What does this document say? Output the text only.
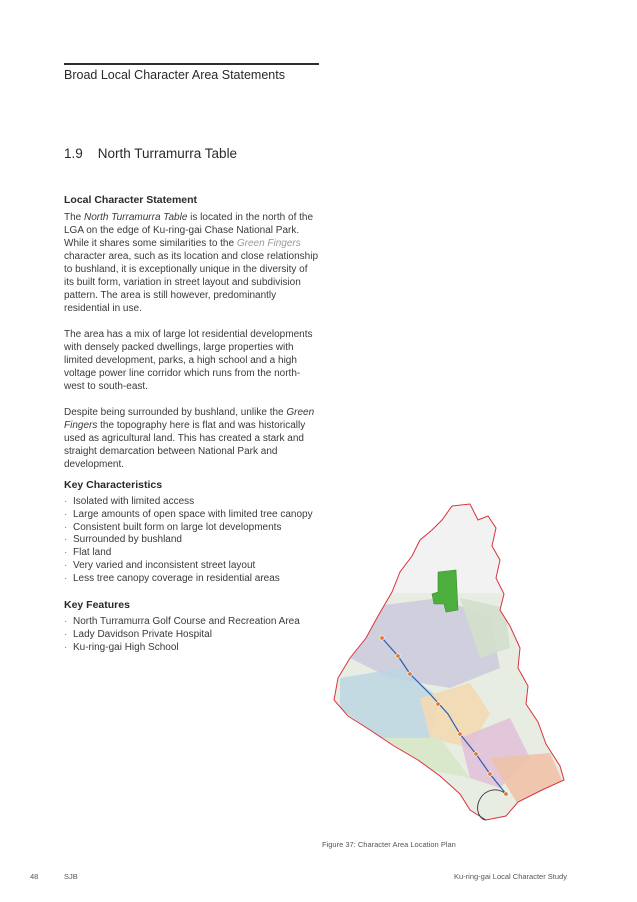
Broad Local Character Area Statements
1.9 North Turramurra Table
Local Character Statement

The North Turramurra Table is located in the north of the LGA on the edge of Ku-ring-gai Chase National Park. While it shares some similarities to the Green Fingers character area, such as its location and close relationship to bushland, it is exceptionally unique in the diversity of its built form, variation in street layout and subdivision pattern. The area is still however, predominantly residential in use.

The area has a mix of large lot residential developments with densely packed dwellings, large properties with limited development, parks, a high school and a high voltage power line corridor which runs from the north-west to south-east.

Despite being surrounded by bushland, unlike the Green Fingers the topography here is flat and was historically used as agricultural land. This has created a stark and straight demarcation between National Park and development.

Key Characteristics
· Isolated with limited access
· Large amounts of open space with limited tree canopy
· Consistent built form on large lot developments
· Surrounded by bushland
· Flat land
· Very varied and inconsistent street layout
· Less tree canopy coverage in residential areas
Key Features
· North Turramurra Golf Course and Recreation Area
· Lady Davidson Private Hospital
· Ku-ring-gai High School
Figure 37: Character Area Location Plan
48	SJB	Ku-ring-gai Local Character Study
